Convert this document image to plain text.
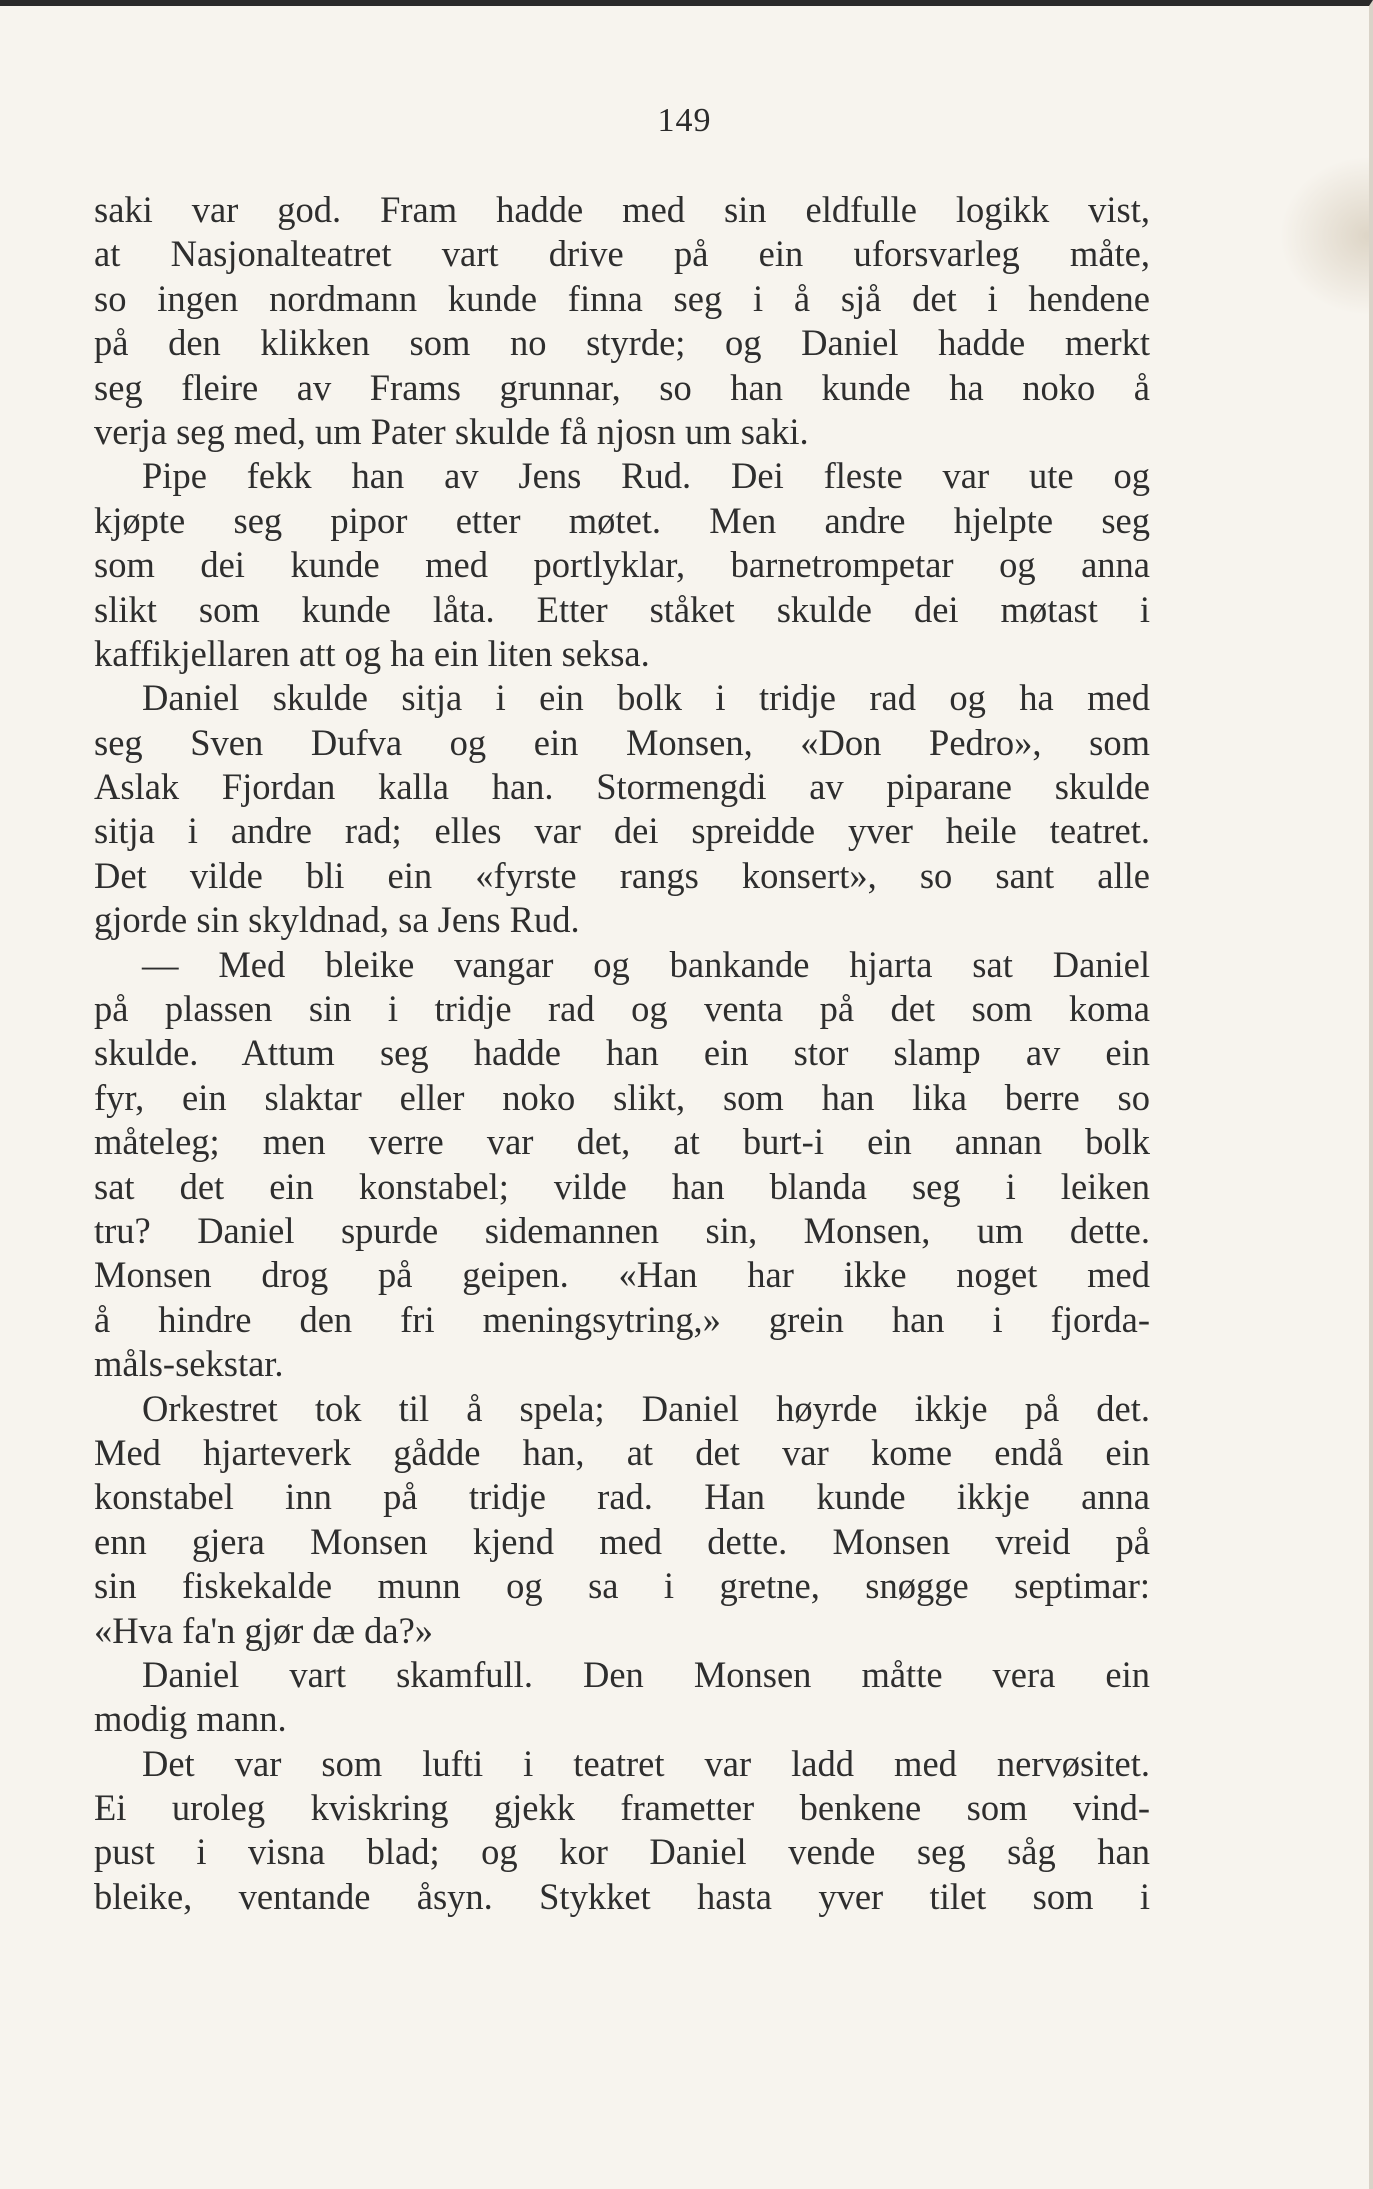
149
saki var god. Fram hadde med sin eldfulle logikk vist,
at Nasjonalteatret vart drive på ein uforsvarleg måte,
so ingen nordmann kunde finna seg i å sjå det i hendene
på den klikken som no styrde; og Daniel hadde merkt
seg fleire av Frams grunnar, so han kunde ha noko å
verja seg med, um Pater skulde få njosn um saki.
Pipe fekk han av Jens Rud. Dei fleste var ute og
kjøpte seg pipor etter møtet. Men andre hjelpte seg
som dei kunde med portlyklar, barnetrompetar og anna
slikt som kunde låta. Etter ståket skulde dei møtast i
kaffikjellaren att og ha ein liten seksa.
Daniel skulde sitja i ein bolk i tridje rad og ha med
seg Sven Dufva og ein Monsen, «Don Pedro», som
Aslak Fjordan kalla han. Stormengdi av piparane skulde
sitja i andre rad; elles var dei spreidde yver heile teatret.
Det vilde bli ein «fyrste rangs konsert», so sant alle
gjorde sin skyldnad, sa Jens Rud.
— Med bleike vangar og bankande hjarta sat Daniel
på plassen sin i tridje rad og venta på det som koma
skulde. Attum seg hadde han ein stor slamp av ein
fyr, ein slaktar eller noko slikt, som han lika berre so
måteleg; men verre var det, at burt-i ein annan bolk
sat det ein konstabel; vilde han blanda seg i leiken
tru? Daniel spurde sidemannen sin, Monsen, um dette.
Monsen drog på geipen. «Han har ikke noget med
å hindre den fri meningsytring,» grein han i fjorda-
måls-sekstar.
Orkestret tok til å spela; Daniel høyrde ikkje på det.
Med hjarteverk gådde han, at det var kome endå ein
konstabel inn på tridje rad. Han kunde ikkje anna
enn gjera Monsen kjend med dette. Monsen vreid på
sin fiskekalde munn og sa i gretne, snøgge septimar:
«Hva fa'n gjør dæ da?»
Daniel vart skamfull. Den Monsen måtte vera ein
modig mann.
Det var som lufti i teatret var ladd med nervøsitet.
Ei uroleg kviskring gjekk frametter benkene som vind-
pust i visna blad; og kor Daniel vende seg såg han
bleike, ventande åsyn. Stykket hasta yver tilet som i
